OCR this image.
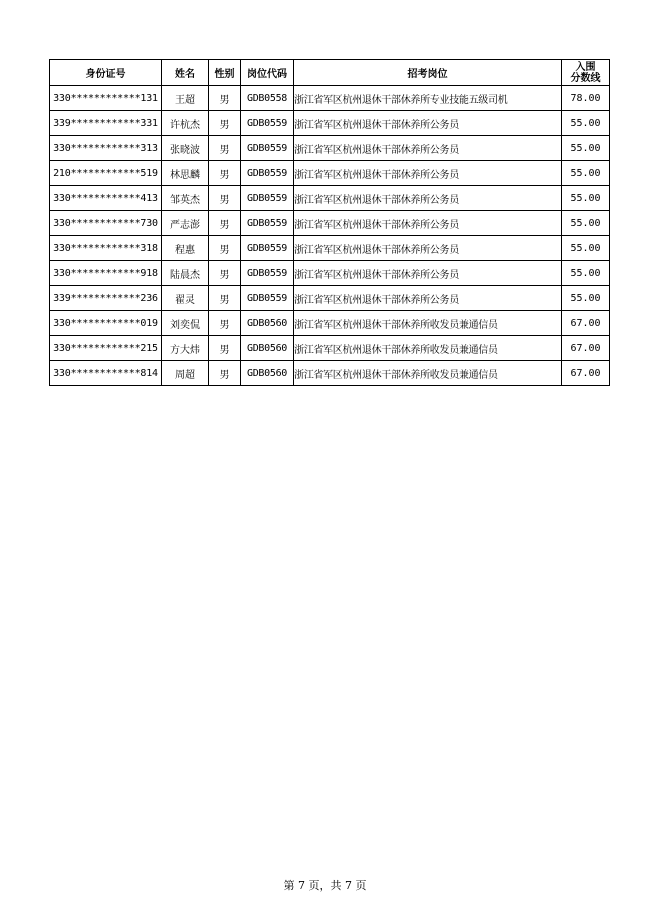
身份证号	姓名	性别	岗位代码	招考岗位	入围
分数线
330************131	王超	男	GDB0558	浙江省军区杭州退休干部休养所专业技能五级司机	78.00
339************331	许杭杰	男	GDB0559	浙江省军区杭州退休干部休养所公务员	55.00
330************313	张晓波	男	GDB0559	浙江省军区杭州退休干部休养所公务员	55.00
210************519	林思麟	男	GDB0559	浙江省军区杭州退休干部休养所公务员	55.00
330************413	邹英杰	男	GDB0559	浙江省军区杭州退休干部休养所公务员	55.00
330************730	严志澎	男	GDB0559	浙江省军区杭州退休干部休养所公务员	55.00
330************318	程惠	男	GDB0559	浙江省军区杭州退休干部休养所公务员	55.00
330************918	陆晨杰	男	GDB0559	浙江省军区杭州退休干部休养所公务员	55.00
339************236	翟灵	男	GDB0559	浙江省军区杭州退休干部休养所公务员	55.00
330************019	刘奕侃	男	GDB0560	浙江省军区杭州退休干部休养所收发员兼通信员	67.00
330************215	方大炜	男	GDB0560	浙江省军区杭州退休干部休养所收发员兼通信员	67.00
330************814	周超	男	GDB0560	浙江省军区杭州退休干部休养所收发员兼通信员	67.00
第 7 页，共 7 页
